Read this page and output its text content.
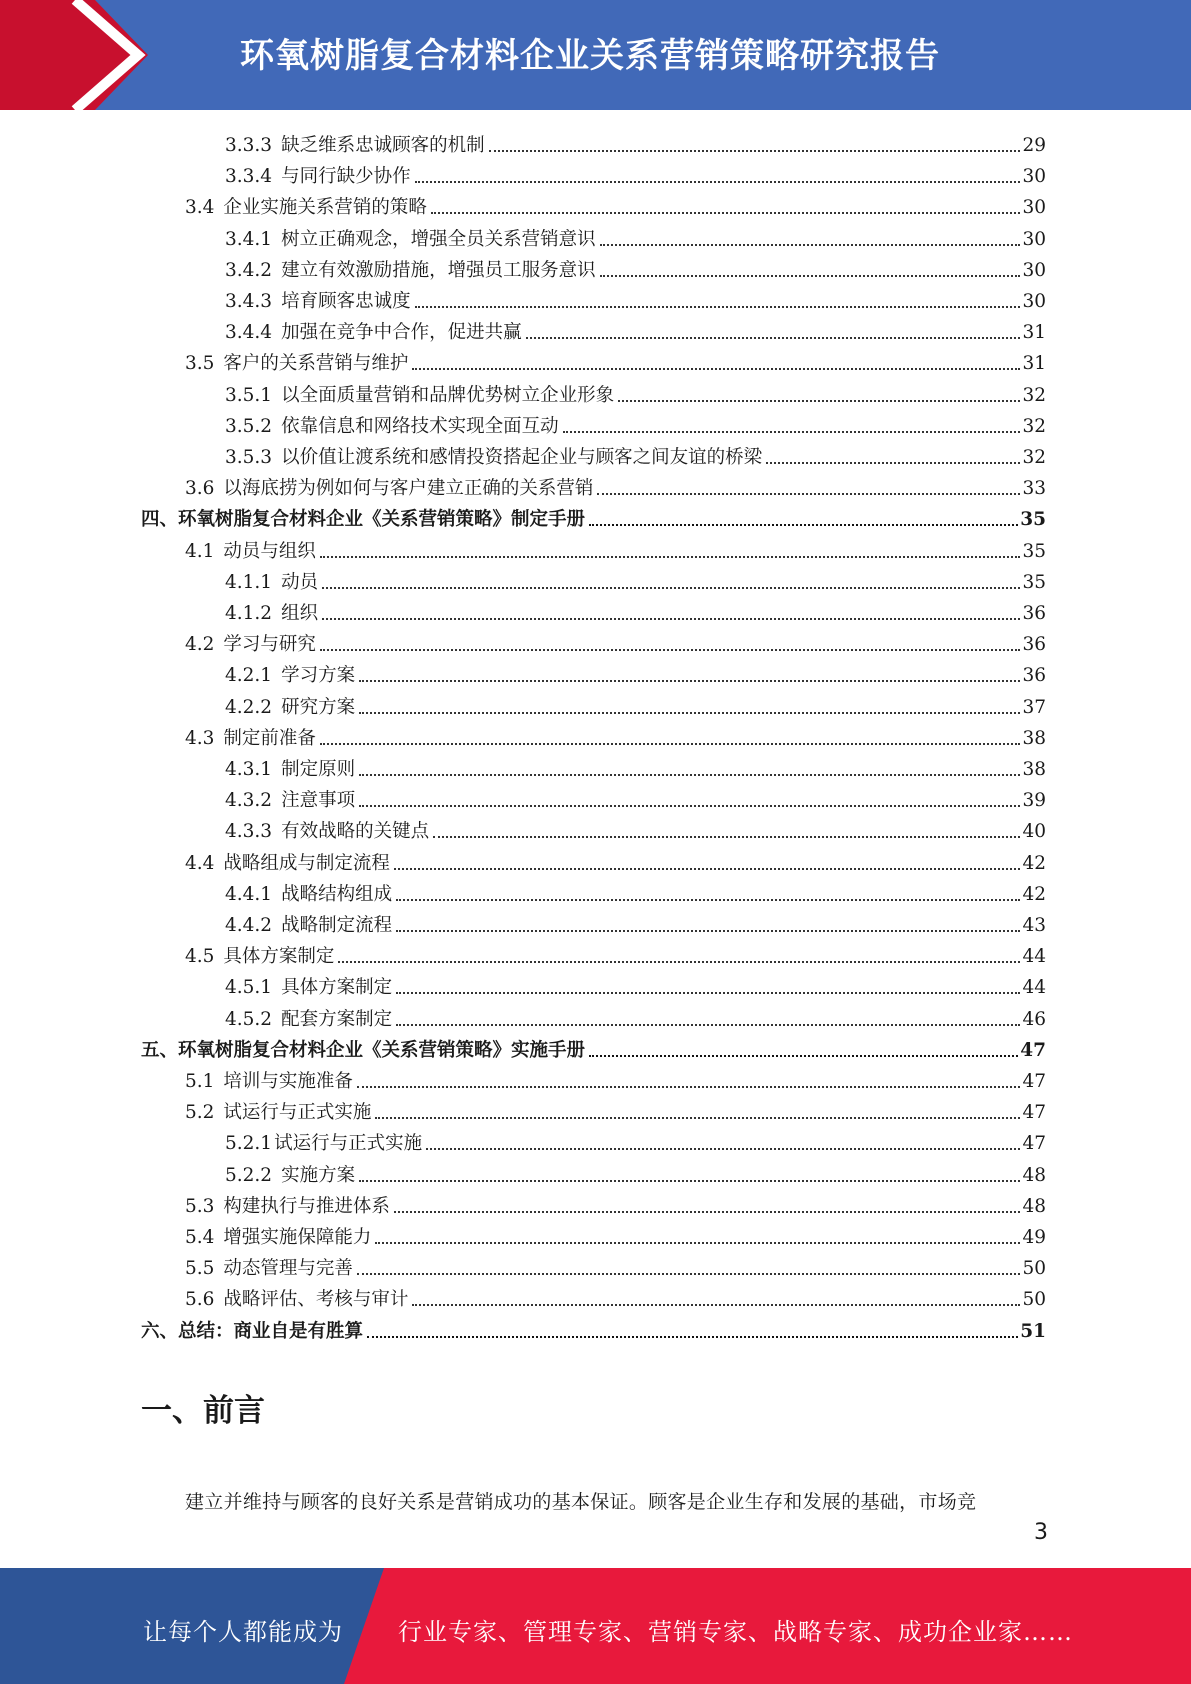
环氧树脂复合材料企业关系营销策略研究报告
3.3.3 缺乏维系忠诚顾客的机制	29
3.3.4 与同行缺少协作	30
3.4 企业实施关系营销的策略	30
3.4.1 树立正确观念，增强全员关系营销意识	30
3.4.2 建立有效激励措施，增强员工服务意识	30
3.4.3 培育顾客忠诚度	30
3.4.4 加强在竞争中合作，促进共赢	31
3.5 客户的关系营销与维护	31
3.5.1 以全面质量营销和品牌优势树立企业形象	32
3.5.2 依靠信息和网络技术实现全面互动	32
3.5.3 以价值让渡系统和感情投资搭起企业与顾客之间友谊的桥梁	32
3.6 以海底捞为例如何与客户建立正确的关系营销	33
四、环氧树脂复合材料企业《关系营销策略》制定手册	35
4.1 动员与组织	35
4.1.1 动员	35
4.1.2 组织	36
4.2 学习与研究	36
4.2.1 学习方案	36
4.2.2 研究方案	37
4.3 制定前准备	38
4.3.1 制定原则	38
4.3.2 注意事项	39
4.3.3 有效战略的关键点	40
4.4 战略组成与制定流程	42
4.4.1 战略结构组成	42
4.4.2 战略制定流程	43
4.5 具体方案制定	44
4.5.1 具体方案制定	44
4.5.2 配套方案制定	46
五、环氧树脂复合材料企业《关系营销策略》实施手册	47
5.1 培训与实施准备	47
5.2 试运行与正式实施	47
5.2.1 试运行与正式实施	47
5.2.2 实施方案	48
5.3 构建执行与推进体系	48
5.4 增强实施保障能力	49
5.5 动态管理与完善	50
5.6 战略评估、考核与审计	50
六、总结：商业自是有胜算	51
一、前言
建立并维持与顾客的良好关系是营销成功的基本保证。顾客是企业生存和发展的基础，市场竞
3
让每个人都能成为 行业专家、管理专家、营销专家、战略专家、成功企业家……
